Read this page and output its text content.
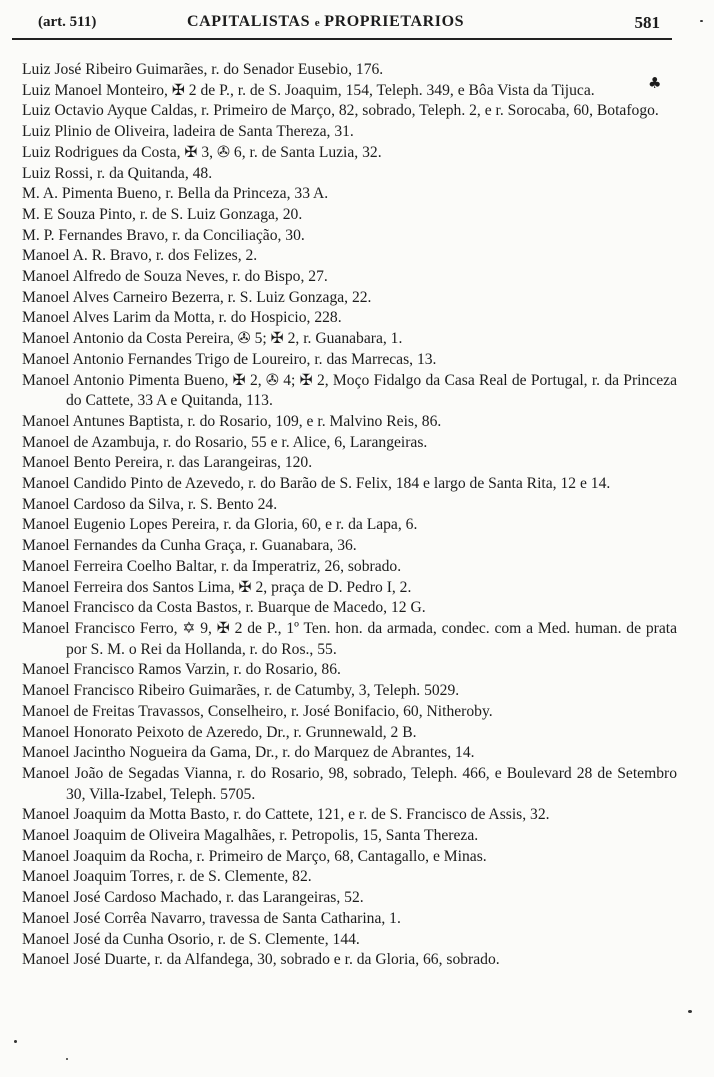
(art. 511)	CAPITALISTAS e PROPRIETARIOS	581
♣
Luiz José Ribeiro Guimarães, r. do Senador Eusebio, 176.
Luiz Manoel Monteiro, ✠ 2 de P., r. de S. Joaquim, 154, Teleph. 349, e Bôa Vista da Tijuca.
Luiz Octavio Ayque Caldas, r. Primeiro de Março, 82, sobrado, Teleph. 2, e r. Sorocaba, 60, Botafogo.
Luiz Plinio de Oliveira, ladeira de Santa Thereza, 31.
Luiz Rodrigues da Costa, ✠ 3, ✇ 6, r. de Santa Luzia, 32.
Luiz Rossi, r. da Quitanda, 48.
M. A. Pimenta Bueno, r. Bella da Princeza, 33 A.
M. E Souza Pinto, r. de S. Luiz Gonzaga, 20.
M. P. Fernandes Bravo, r. da Conciliação, 30.
Manoel A. R. Bravo, r. dos Felizes, 2.
Manoel Alfredo de Souza Neves, r. do Bispo, 27.
Manoel Alves Carneiro Bezerra, r. S. Luiz Gonzaga, 22.
Manoel Alves Larim da Motta, r. do Hospicio, 228.
Manoel Antonio da Costa Pereira, ✇ 5; ✠ 2, r. Guanabara, 1.
Manoel Antonio Fernandes Trigo de Loureiro, r. das Marrecas, 13.
Manoel Antonio Pimenta Bueno, ✠ 2, ✇ 4; ✠ 2, Moço Fidalgo da Casa Real de Portugal, r. da Princeza do Cattete, 33 A e Quitanda, 113.
Manoel Antunes Baptista, r. do Rosario, 109, e r. Malvino Reis, 86.
Manoel de Azambuja, r. do Rosario, 55 e r. Alice, 6, Larangeiras.
Manoel Bento Pereira, r. das Larangeiras, 120.
Manoel Candido Pinto de Azevedo, r. do Barão de S. Felix, 184 e largo de Santa Rita, 12 e 14.
Manoel Cardoso da Silva, r. S. Bento 24.
Manoel Eugenio Lopes Pereira, r. da Gloria, 60, e r. da Lapa, 6.
Manoel Fernandes da Cunha Graça, r. Guanabara, 36.
Manoel Ferreira Coelho Baltar, r. da Imperatriz, 26, sobrado.
Manoel Ferreira dos Santos Lima, ✠ 2, praça de D. Pedro I, 2.
Manoel Francisco da Costa Bastos, r. Buarque de Macedo, 12 G.
Manoel Francisco Ferro, ✡ 9, ✠ 2 de P., 1º Ten. hon. da armada, condec. com a Med. human. de prata por S. M. o Rei da Hollanda, r. do Ros., 55.
Manoel Francisco Ramos Varzin, r. do Rosario, 86.
Manoel Francisco Ribeiro Guimarães, r. de Catumby, 3, Teleph. 5029.
Manoel de Freitas Travassos, Conselheiro, r. José Bonifacio, 60, Nitheroby.
Manoel Honorato Peixoto de Azeredo, Dr., r. Grunnewald, 2 B.
Manoel Jacintho Nogueira da Gama, Dr., r. do Marquez de Abrantes, 14.
Manoel João de Segadas Vianna, r. do Rosario, 98, sobrado, Teleph. 466, e Boulevard 28 de Setembro 30, Villa-Izabel, Teleph. 5705.
Manoel Joaquim da Motta Basto, r. do Cattete, 121, e r. de S. Francisco de Assis, 32.
Manoel Joaquim de Oliveira Magalhães, r. Petropolis, 15, Santa Thereza.
Manoel Joaquim da Rocha, r. Primeiro de Março, 68, Cantagallo, e Minas.
Manoel Joaquim Torres, r. de S. Clemente, 82.
Manoel José Cardoso Machado, r. das Larangeiras, 52.
Manoel José Corrêa Navarro, travessa de Santa Catharina, 1.
Manoel José da Cunha Osorio, r. de S. Clemente, 144.
Manoel José Duarte, r. da Alfandega, 30, sobrado e r. da Gloria, 66, sobrado.
